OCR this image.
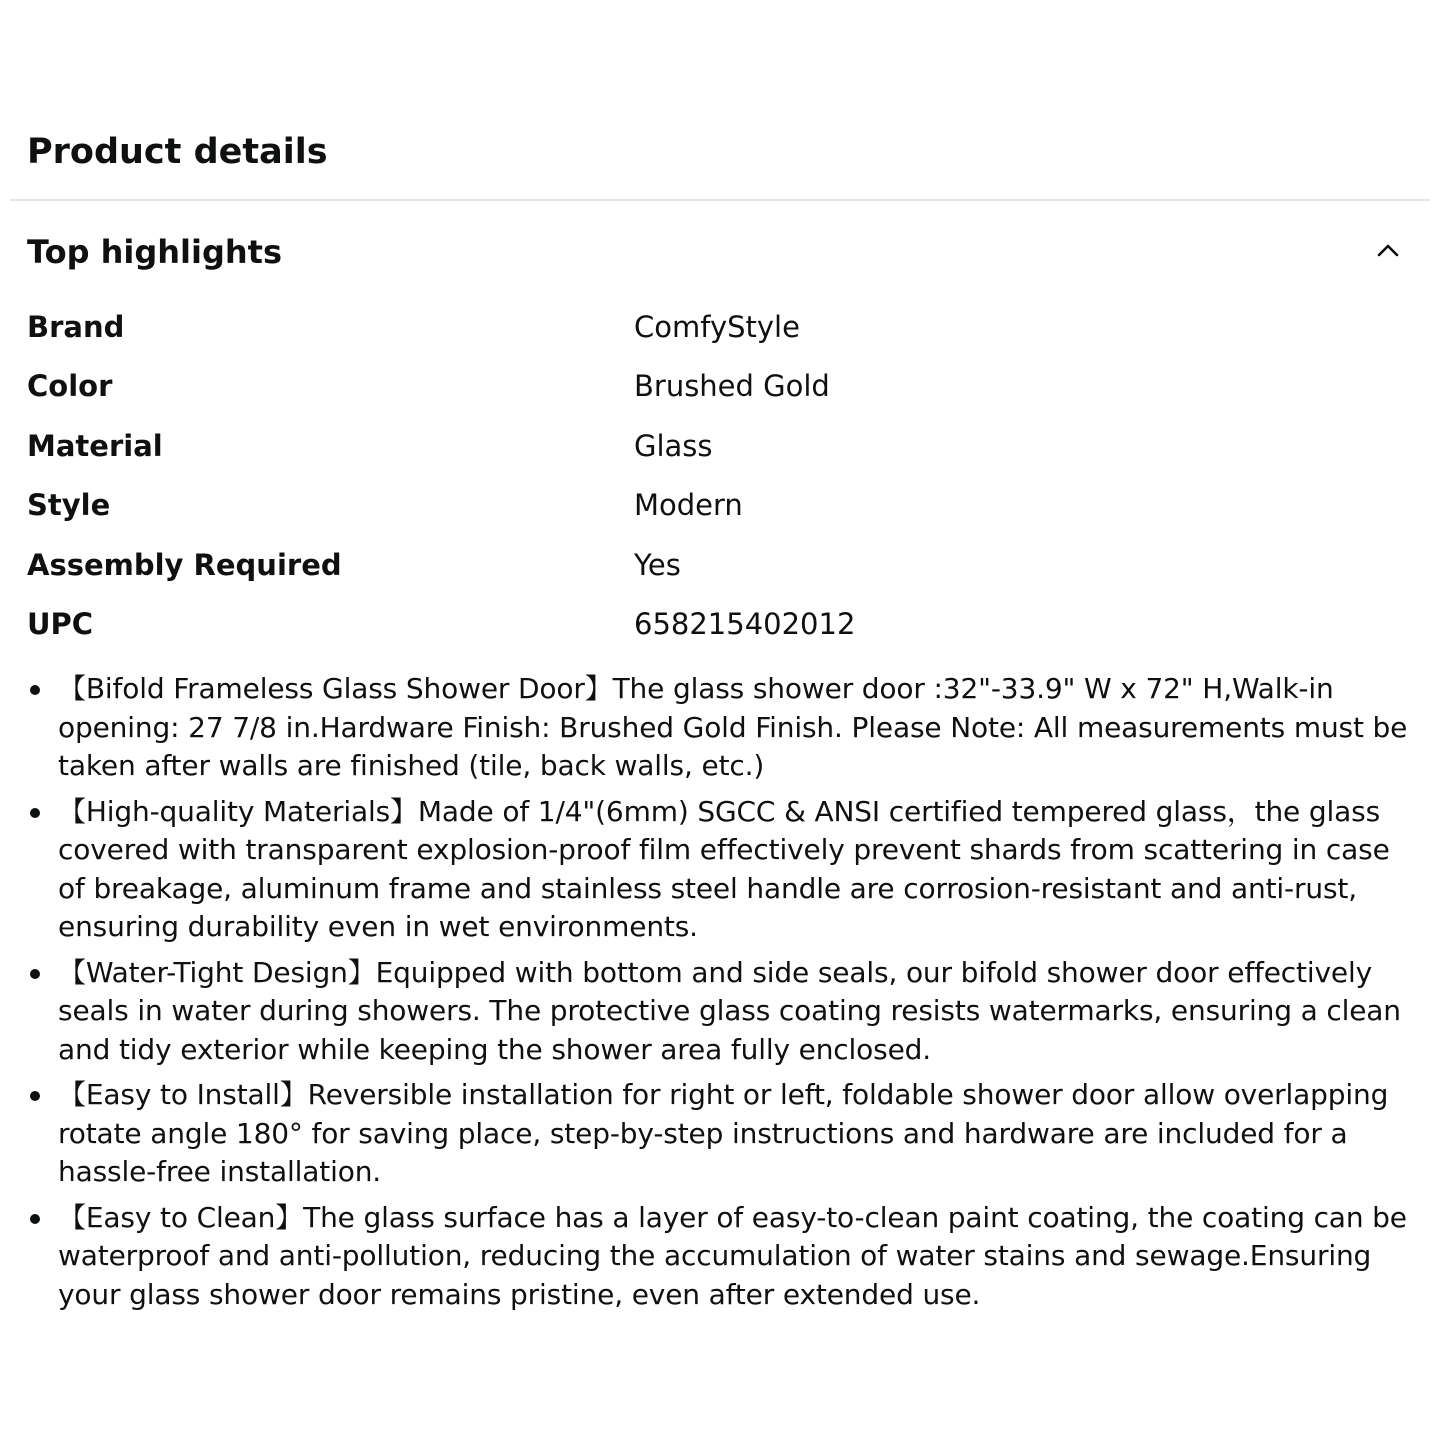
Product details
Top highlights
Brand	ComfyStyle
Color	Brushed Gold
Material	Glass
Style	Modern
Assembly Required	Yes
UPC	658215402012
【Bifold Frameless Glass Shower Door】The glass shower door :32"-33.9" W x 72" H,Walk-in opening: 27 7/8 in.Hardware Finish: Brushed Gold Finish. Please Note: All measurements must be taken after walls are finished (tile, back walls, etc.)
【High-quality Materials】Made of 1/4"(6mm) SGCC & ANSI certified tempered glass，the glass covered with transparent explosion-proof film effectively prevent shards from scattering in case of breakage, aluminum frame and stainless steel handle are corrosion-resistant and anti-rust, ensuring durability even in wet environments.
【Water-Tight Design】Equipped with bottom and side seals, our bifold shower door effectively seals in water during showers. The protective glass coating resists watermarks, ensuring a clean and tidy exterior while keeping the shower area fully enclosed.
【Easy to Install】Reversible installation for right or left, foldable shower door allow overlapping rotate angle 180° for saving place, step-by-step instructions and hardware are included for a hassle-free installation.
【Easy to Clean】The glass surface has a layer of easy-to-clean paint coating, the coating can be waterproof and anti-pollution, reducing the accumulation of water stains and sewage.Ensuring your glass shower door remains pristine, even after extended use.
